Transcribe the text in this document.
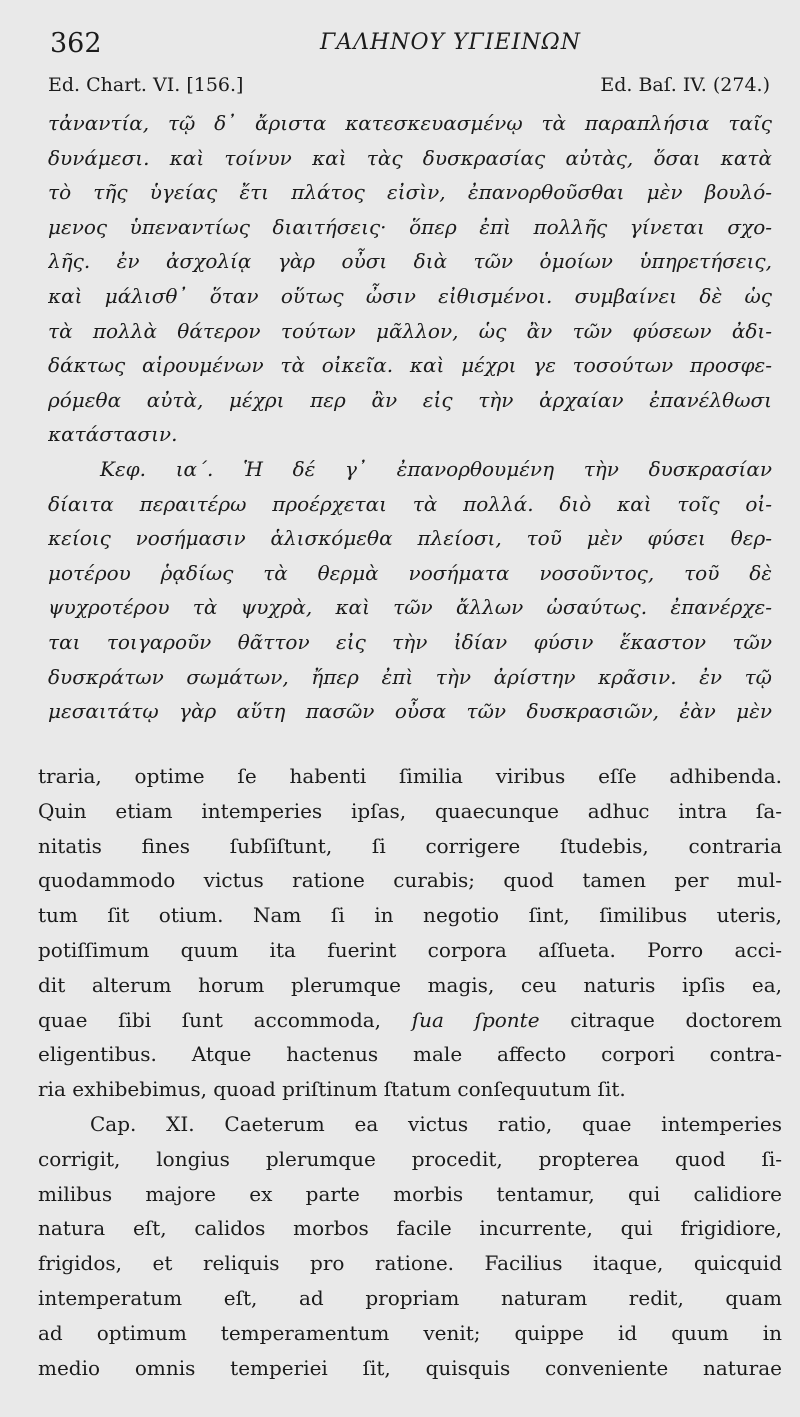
362	ΓΑΛΗΝΟΥ ΥΓΙΕΙΝΩΝ
Ed. Chart. VI. [156.]	Ed. Baſ. IV. (274.)
τἀναντία, τῷ δ᾽ ἄριστα κατεσκευασμένῳ τὰ παραπλήσια ταῖς
δυνάμεσι. καὶ τοίνυν καὶ τὰς δυσκρασίας αὐτὰς, ὅσαι κατὰ
τὸ τῆς ὑγείας ἔτι πλάτος εἰσὶν, ἐπανορθοῦσθαι μὲν βουλό-
μενος ὑπεναντίως διαιτήσεις· ὅπερ ἐπὶ πολλῆς γίνεται σχο-
λῆς. ἐν ἀσχολίᾳ γὰρ οὖσι διὰ τῶν ὁμοίων ὑπηρετήσεις,
καὶ μάλισθ᾽ ὅταν οὕτως ὦσιν εἰθισμένοι. συμβαίνει δὲ ὡς
τὰ πολλὰ θάτερον τούτων μᾶλλον, ὡς ἂν τῶν φύσεων ἀδι-
δάκτως αἱρουμένων τὰ οἰκεῖα. καὶ μέχρι γε τοσούτων προσφε-
ρόμεθα αὐτὰ, μέχρι περ ἂν εἰς τὴν ἀρχαίαν ἐπανέλθωσι
κατάστασιν.
Κεφ. ια΄. Ἡ δέ γ᾽ ἐπανορθουμένη τὴν δυσκρασίαν
δίαιτα περαιτέρω προέρχεται τὰ πολλά. διὸ καὶ τοῖς οἰ-
κείοις νοσήμασιν ἁλισκόμεθα πλείοσι, τοῦ μὲν φύσει θερ-
μοτέρου ῥᾳδίως τὰ θερμὰ νοσήματα νοσοῦντος, τοῦ δὲ
ψυχροτέρου τὰ ψυχρὰ, καὶ τῶν ἄλλων ὡσαύτως. ἐπανέρχε-
ται τοιγαροῦν θᾶττον εἰς τὴν ἰδίαν φύσιν ἕκαστον τῶν
δυσκράτων σωμάτων, ἤπερ ἐπὶ τὴν ἀρίστην κρᾶσιν. ἐν τῷ
μεσαιτάτῳ γὰρ αὕτη πασῶν οὖσα τῶν δυσκρασιῶν, ἐὰν μὲν
traria, optime ſe habenti ſimilia viribus eſſe adhibenda.
Quin etiam intemperies ipſas, quaecunque adhuc intra ſa-
nitatis fines ſubſiſtunt, ſi corrigere ſtudebis, contraria
quodammodo victus ratione curabis; quod tamen per mul-
tum ſit otium. Nam ſi in negotio ſint, ſimilibus uteris,
potiſſimum quum ita fuerint corpora aſſueta. Porro acci-
dit alterum horum plerumque magis, ceu naturis ipſis ea,
quae ſibi ſunt accommoda, ſua ſponte citraque doctorem
eligentibus. Atque hactenus male affecto corpori contra-
ria exhibebimus, quoad priſtinum ſtatum conſequutum ſit.
Cap. XI. Caeterum ea victus ratio, quae intemperies
corrigit, longius plerumque procedit, propterea quod ſi-
milibus majore ex parte morbis tentamur, qui calidiore
natura eſt, calidos morbos facile incurrente, qui frigidiore,
frigidos, et reliquis pro ratione. Facilius itaque, quicquid
intemperatum eſt, ad propriam naturam redit, quam
ad optimum temperamentum venit; quippe id quum in
medio omnis temperiei ſit, quisquis conveniente naturae
